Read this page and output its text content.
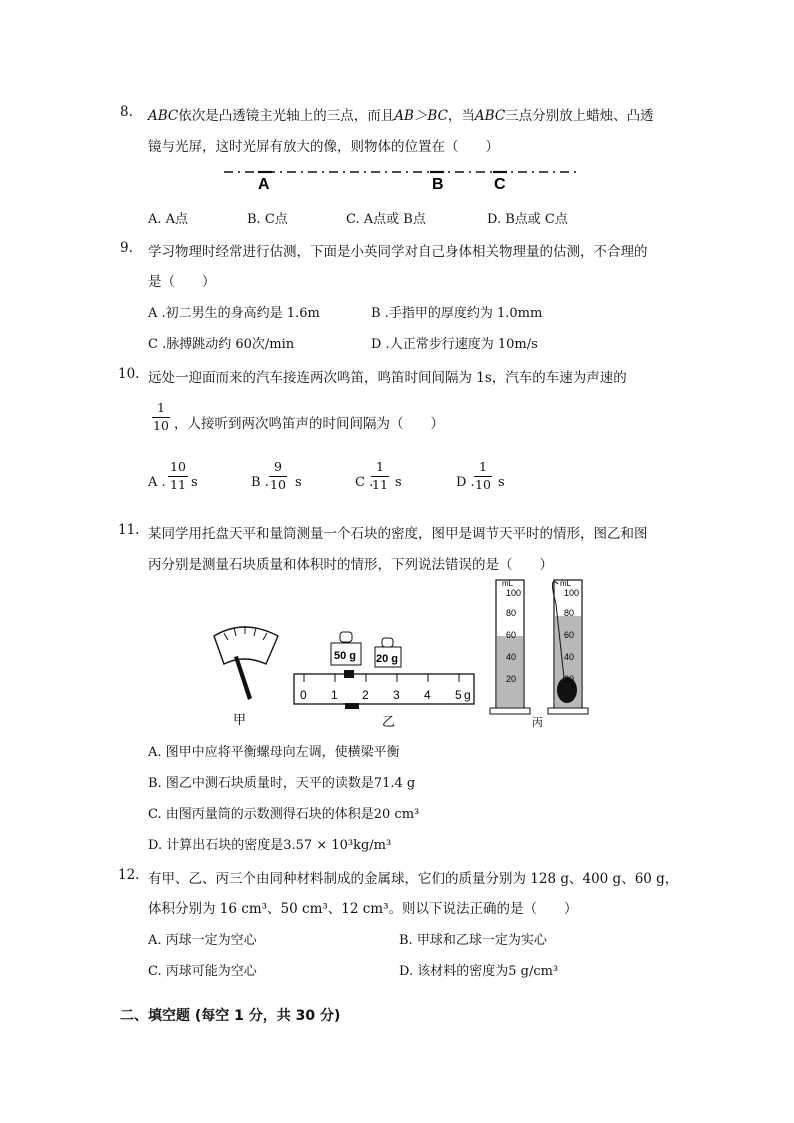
8. ABC依次是凸透镜主光轴上的三点，而且AB＞BC，当ABC三点分别放上蜡烛、凸透
镜与光屏，这时光屏有放大的像，则物体的位置在（　　）
A	B	C
A. A点	B. C点	C. A点或 B点	D. B点或 C点
9. 学习物理时经常进行估测，下面是小英同学对自己身体相关物理量的估测，不合理的
是（　　）
A .初二男生的身高约是 1.6m	B .手指甲的厚度约为 1.0mm
C .脉搏跳动约 60次/min	D .人正常步行速度为 10m/s
10. 远处一迎面而来的汽车接连两次鸣笛，鸣笛时间间隔为 1s，汽车的车速为声速的
$\frac{1}{10}$ ，人接听到两次鸣笛声的时间间隔为（　　）
A . $\frac{10}{11}$ s	B . $\frac{9}{10}$ s	C .
$\frac{1}{11}$ s	D . $\frac{1}{10}$ s
11. 某同学用托盘天平和量筒测量一个石块的密度，图甲是调节天平时的情形，图乙和图
丙分别是测量石块质量和体积时的情形，下列说法错误的是（　　）
甲
50 g 20 g
0 1 2 3 4 5 g
乙
mL
100
80
60
40
20
mL
100
80
60
40
20
丙
A. 图甲中应将平衡螺母向左调，使横梁平衡
B. 图乙中测石块质量时，天平的读数是71.4 g
C. 由图丙量筒的示数测得石块的体积是20 cm³
D. 计算出石块的密度是3.57 × 10³kg/m³
12. 有甲、乙、丙三个由同种材料制成的金属球，它们的质量分别为 128 g、400 g、60 g，
体积分别为 16 cm³、50 cm³、12 cm³。则以下说法正确的是（　　）
A. 丙球一定为空心	B. 甲球和乙球一定为实心
C. 丙球可能为空心	D. 该材料的密度为5 g/cm³
二、填空题 (每空 1 分，共 30 分)
